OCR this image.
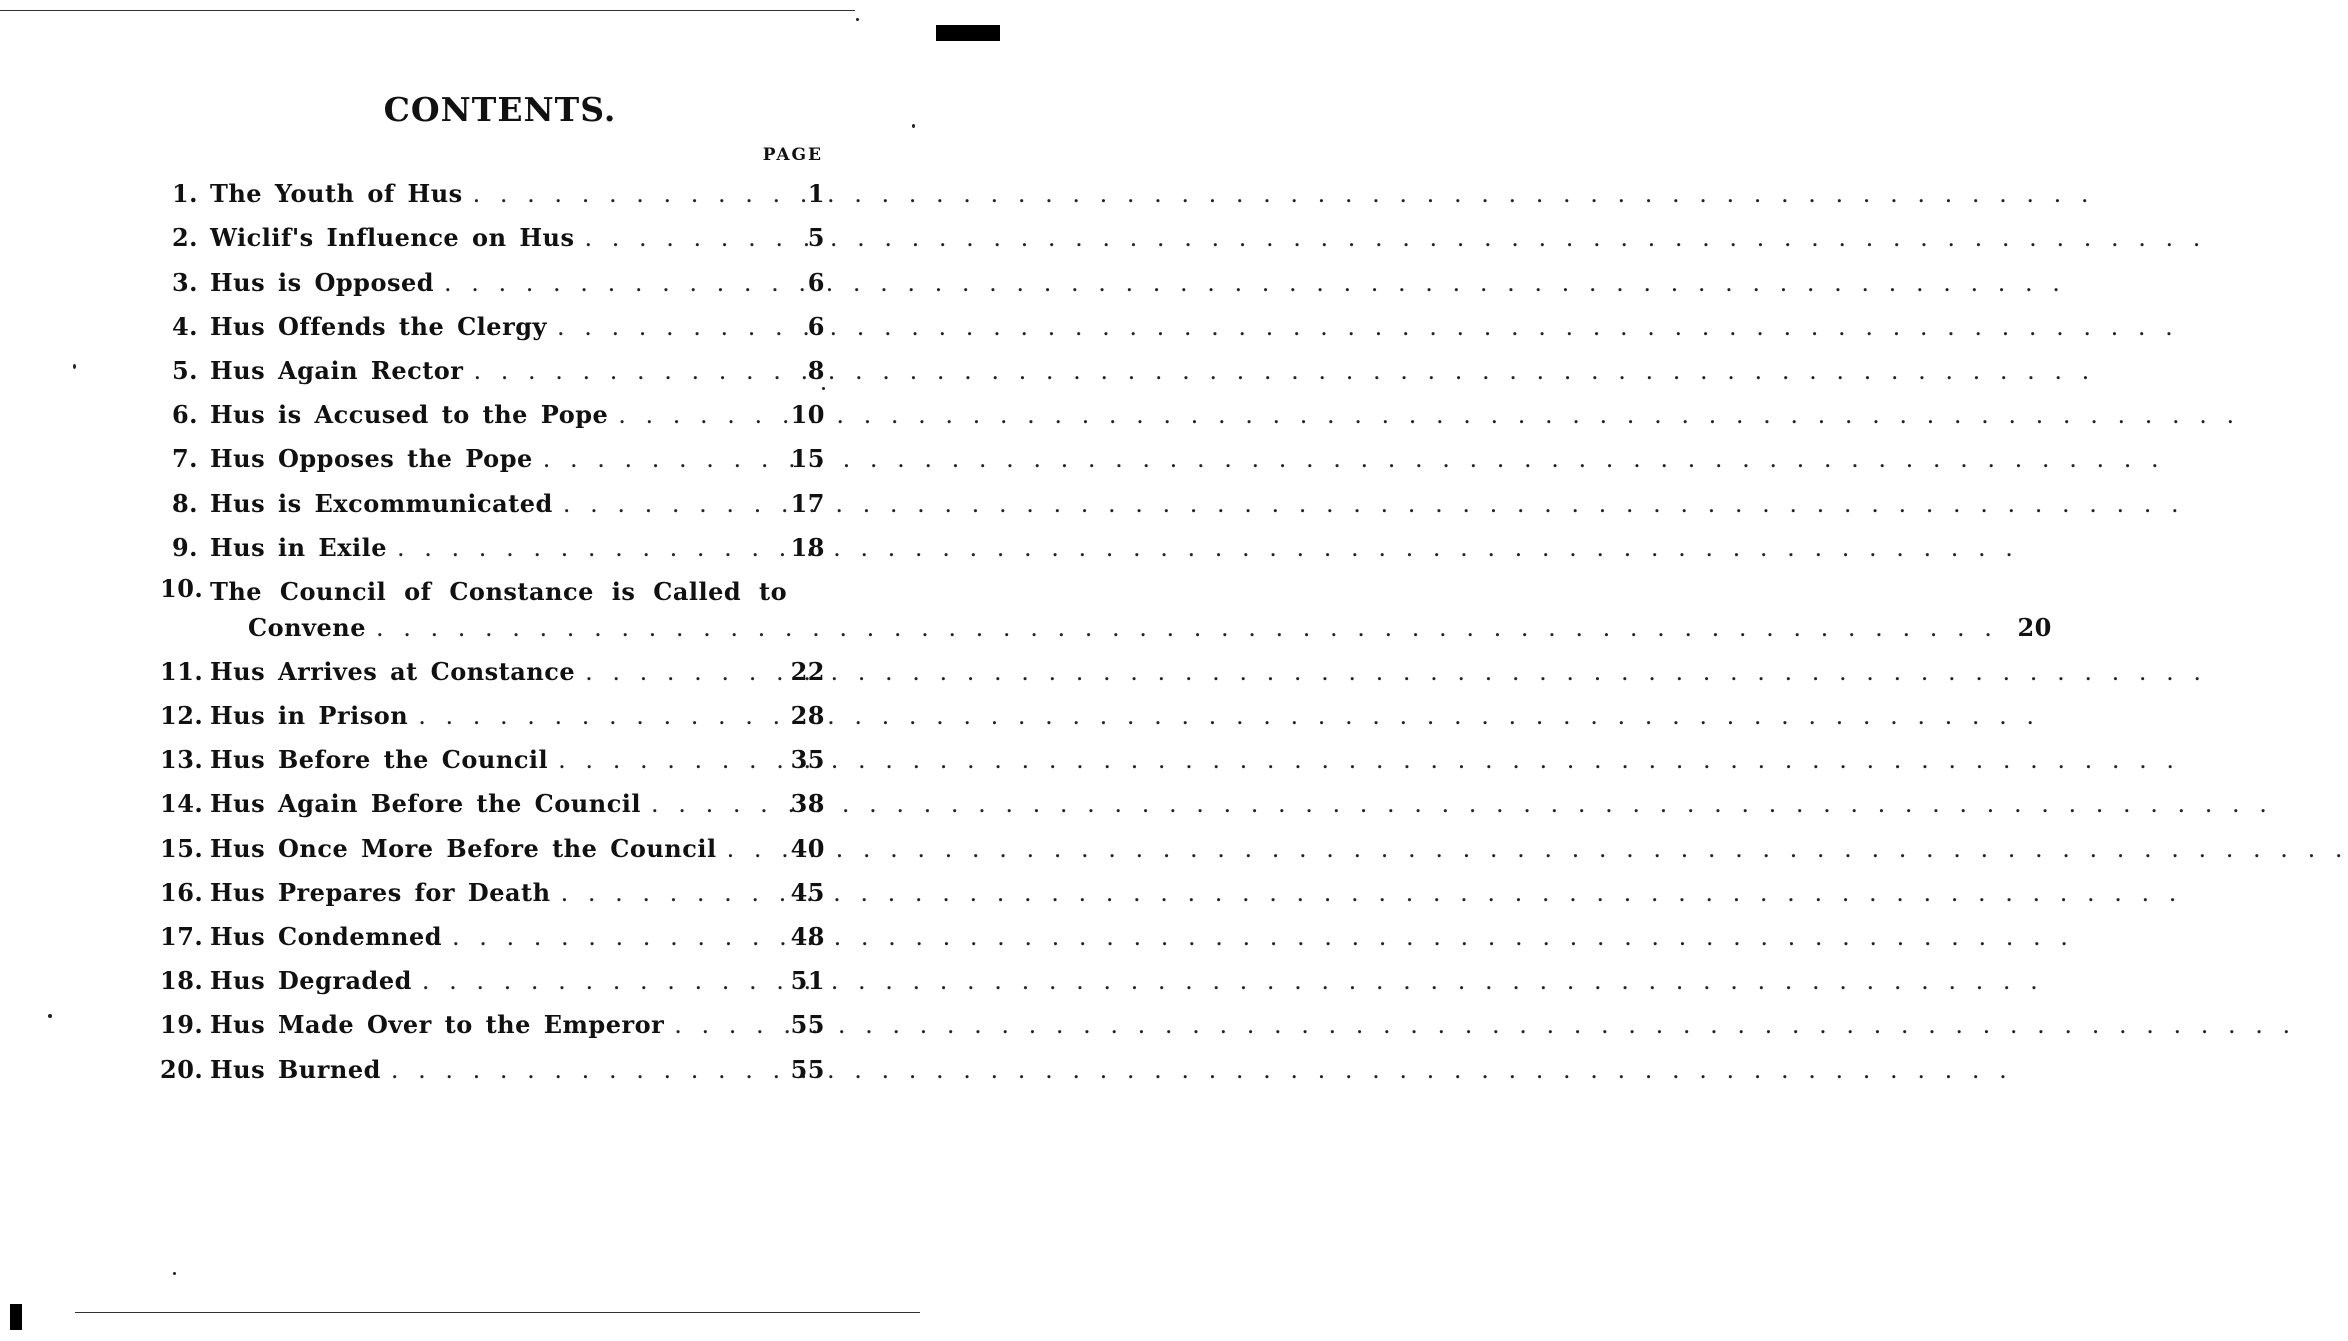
CONTENTS.
PAGE
1. The Youth of Hus . . .	1
2. Wiclif's Influence on Hus . . .	5
3. Hus is Opposed . . .	6
4. Hus Offends the Clergy . . .	6
5. Hus Again Rector . . .	8
6. Hus is Accused to the Pope . . .	10
7. Hus Opposes the Pope . . .	15
8. Hus is Excommunicated . . .	17
9. Hus in Exile . . .	18
10. The Council of Constance is Called to
Convene . . .	20
11. Hus Arrives at Constance . . .	22
12. Hus in Prison . . .	28
13. Hus Before the Council . . .	35
14. Hus Again Before the Council . . .	38
15. Hus Once More Before the Council . . .	40
16. Hus Prepares for Death . . .	45
17. Hus Condemned . . .	48
18. Hus Degraded . . .	51
19. Hus Made Over to the Emperor . . .	55
20. Hus Burned . . .	55
